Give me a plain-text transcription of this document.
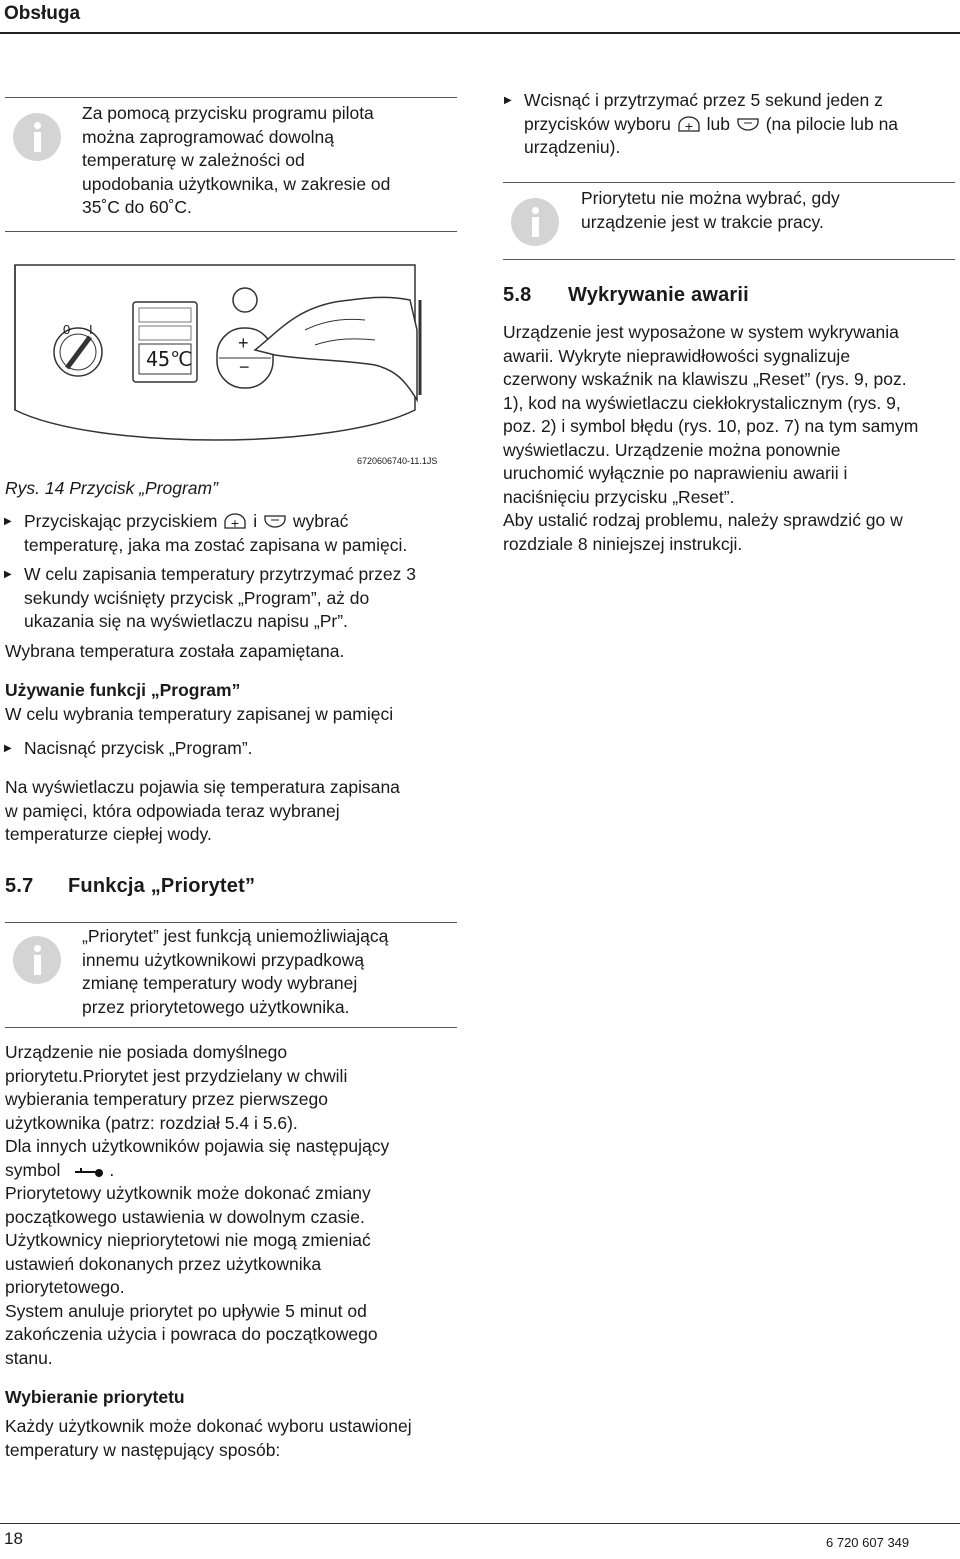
Obsługa
Za pomocą przycisku programu pilota
można zaprogramować dowolną
temperaturę w zależności od
upodobania użytkownika, w zakresie od
35˚C do 60˚C.
0 I
45℃
+
−
6720606740-11.1JS
Rys. 14 Przycisk „Program”
▶ Przyciskając przyciskiem + i wybrać
temperaturę, jaka ma zostać zapisana w pamięci.
▶ W celu zapisania temperatury przytrzymać przez 3
sekundy wciśnięty przycisk „Program”, aż do
ukazania się na wyświetlaczu napisu „Pr”.
Wybrana temperatura została zapamiętana.
Używanie funkcji „Program”
W celu wybrania temperatury zapisanej w pamięci
▶ Nacisnąć przycisk „Program”.
Na wyświetlaczu pojawia się temperatura zapisana
w pamięci, która odpowiada teraz wybranej
temperaturze ciepłej wody.
5.7 Funkcja „Priorytet”
„Priorytet” jest funkcją uniemożliwiającą
innemu użytkownikowi przypadkową
zmianę temperatury wody wybranej
przez priorytetowego użytkownika.
Urządzenie nie posiada domyślnego
priorytetu.Priorytet jest przydzielany w chwili
wybierania temperatury przez pierwszego
użytkownika (patrz: rozdział 5.4 i 5.6).
Dla innych użytkowników pojawia się następujący
symbol	.
Priorytetowy użytkownik może dokonać zmiany
początkowego ustawienia w dowolnym czasie.
Użytkownicy niepriorytetowi nie mogą zmieniać
ustawień dokonanych przez użytkownika
priorytetowego.
System anuluje priorytet po upływie 5 minut od
zakończenia użycia i powraca do początkowego
stanu.
Wybieranie priorytetu
Każdy użytkownik może dokonać wyboru ustawionej
temperatury w następujący sposób:
▶ Wcisnąć i przytrzymać przez 5 sekund jeden z
przycisków wyboru + lub (na pilocie lub na
urządzeniu).
Priorytetu nie można wybrać, gdy
urządzenie jest w trakcie pracy.
5.8 Wykrywanie awarii
Urządzenie jest wyposażone w system wykrywania
awarii. Wykryte nieprawidłowości sygnalizuje
czerwony wskaźnik na klawiszu „Reset” (rys. 9, poz.
1), kod na wyświetlaczu ciekłokrystalicznym (rys. 9,
poz. 2) i symbol błędu (rys. 10, poz. 7) na tym samym
wyświetlaczu. Urządzenie można ponownie
uruchomić wyłącznie po naprawieniu awarii i
naciśnięciu przycisku „Reset”.
Aby ustalić rodzaj problemu, należy sprawdzić go w
rozdziale 8 niniejszej instrukcji.
18	6 720 607 349
